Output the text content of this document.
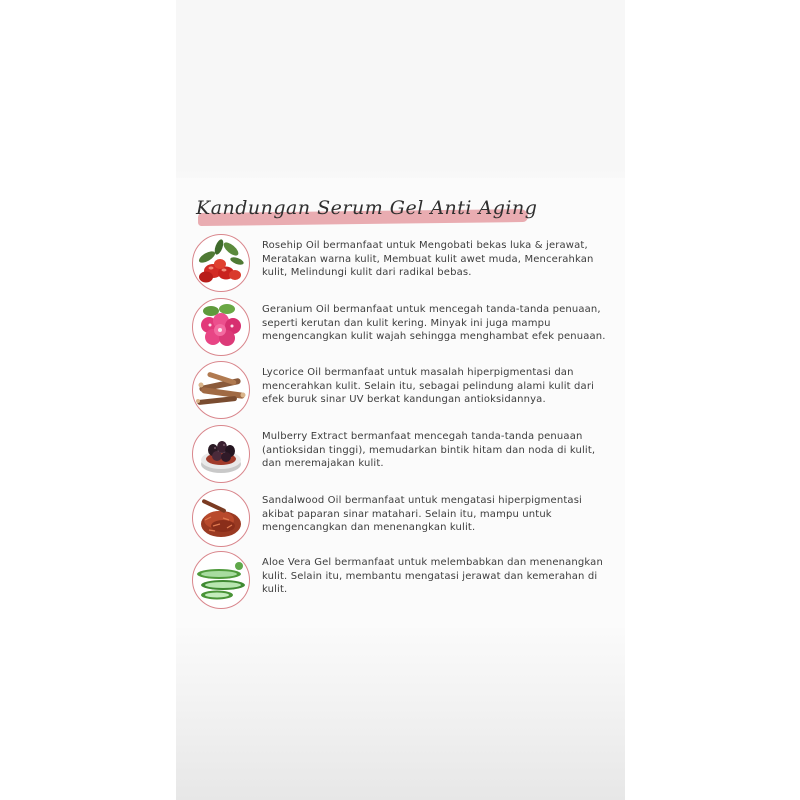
Kandungan Serum Gel Anti Aging
Rosehip Oil bermanfaat untuk Mengobati bekas luka & jerawat, Meratakan warna kulit, Membuat kulit awet muda, Mencerahkan kulit, Melindungi kulit dari radikal bebas.
Geranium Oil bermanfaat untuk mencegah tanda-tanda penuaan, seperti kerutan dan kulit kering. Minyak ini juga mampu mengencangkan kulit wajah sehingga menghambat efek penuaan.
Lycorice Oil bermanfaat untuk masalah hiperpigmentasi dan mencerahkan kulit. Selain itu, sebagai pelindung alami kulit dari efek buruk sinar UV berkat kandungan antioksidannya.
Mulberry Extract bermanfaat mencegah tanda-tanda penuaan (antioksidan tinggi), memudarkan bintik hitam dan noda di kulit, dan meremajakan kulit.
Sandalwood Oil bermanfaat untuk mengatasi hiperpigmentasi akibat paparan sinar matahari. Selain itu, mampu untuk mengencangkan dan menenangkan kulit.
Aloe Vera Gel bermanfaat untuk melembabkan dan menenangkan kulit. Selain itu, membantu mengatasi jerawat dan kemerahan di kulit.
